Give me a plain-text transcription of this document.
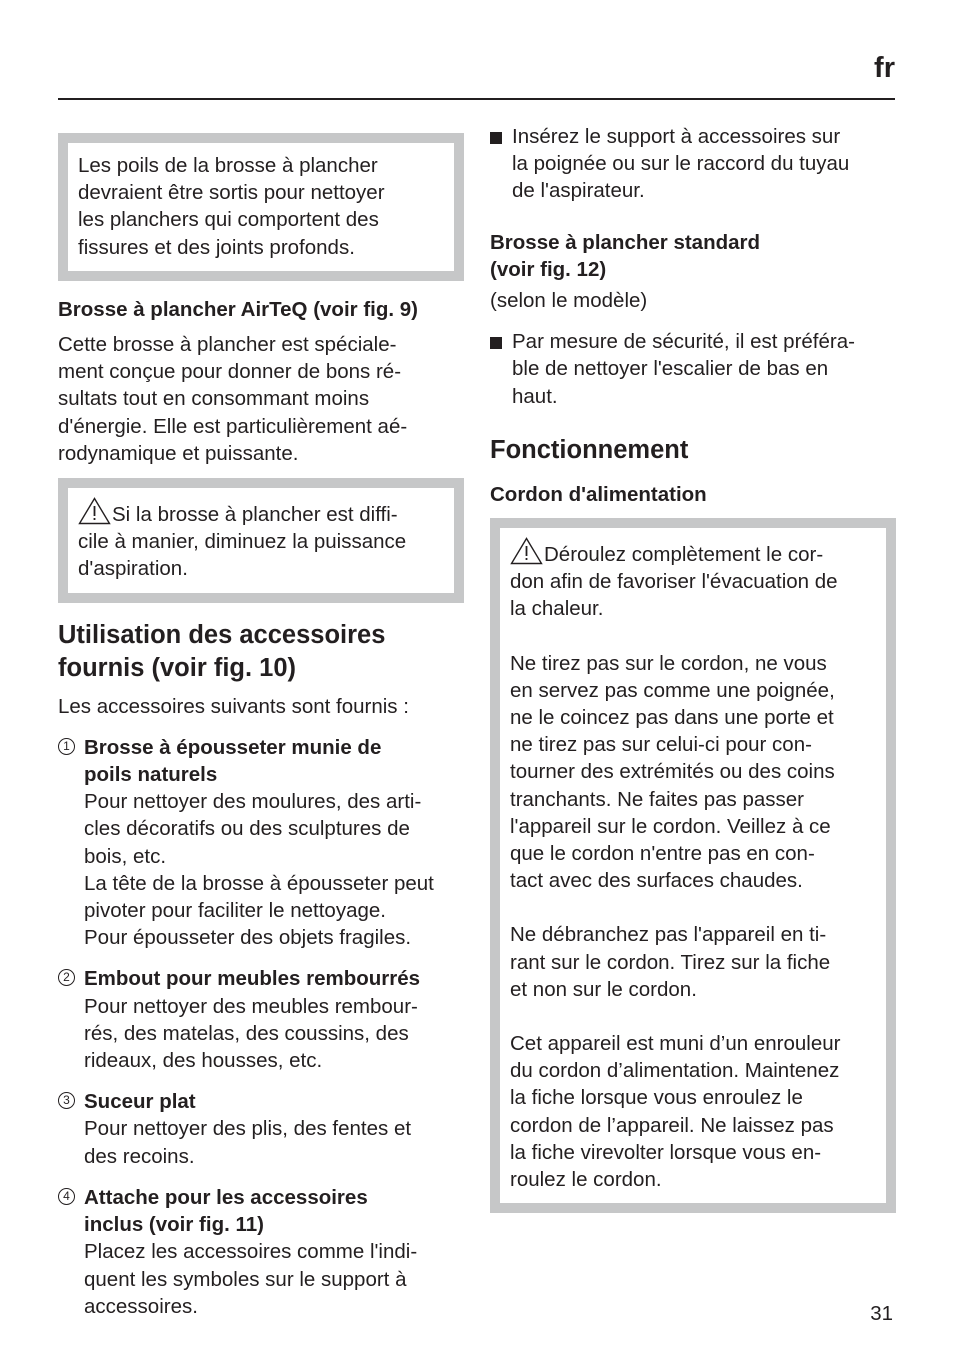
fr
Les poils de la brosse à plancher
devraient être sortis pour nettoyer
les planchers qui comportent des
fissures et des joints profonds.
Brosse à plancher AirTeQ (voir fig. 9)
Cette brosse à plancher est spéciale-
ment conçue pour donner de bons ré-
sultats tout en consommant moins
d'énergie. Elle est particulièrement aé-
rodynamique et puissante.
Si la brosse à plancher est diffi-
cile à manier, diminuez la puissance
d'aspiration.
Utilisation des accessoires
fournis (voir fig. 10)
Les accessoires suivants sont fournis :
1 Brosse à épousseter munie de
poils naturels
Pour nettoyer des moulures, des arti-
cles décoratifs ou des sculptures de
bois, etc.
La tête de la brosse à épousseter peut
pivoter pour faciliter le nettoyage.
Pour épousseter des objets fragiles.
2 Embout pour meubles rembourrés
Pour nettoyer des meubles rembour-
rés, des matelas, des coussins, des
rideaux, des housses, etc.
3 Suceur plat
Pour nettoyer des plis, des fentes et
des recoins.
4 Attache pour les accessoires
inclus (voir fig. 11)
Placez les accessoires comme l'indi-
quent les symboles sur le support à
accessoires.
Insérez le support à accessoires sur
la poignée ou sur le raccord du tuyau
de l'aspirateur.
Brosse à plancher standard
(voir fig. 12)
(selon le modèle)
Par mesure de sécurité, il est préféra-
ble de nettoyer l'escalier de bas en
haut.
Fonctionnement
Cordon d'alimentation
Déroulez complètement le cor-
don afin de favoriser l'évacuation de
la chaleur.
Ne tirez pas sur le cordon, ne vous
en servez pas comme une poignée,
ne le coincez pas dans une porte et
ne tirez pas sur celui-ci pour con-
tourner des extrémités ou des coins
tranchants. Ne faites pas passer
l'appareil sur le cordon. Veillez à ce
que le cordon n'entre pas en con-
tact avec des surfaces chaudes.
Ne débranchez pas l'appareil en ti-
rant sur le cordon. Tirez sur la fiche
et non sur le cordon.
Cet appareil est muni d’un enrouleur
du cordon d’alimentation. Maintenez
la fiche lorsque vous enroulez le
cordon de l’appareil. Ne laissez pas
la fiche virevolter lorsque vous en-
roulez le cordon.
31
